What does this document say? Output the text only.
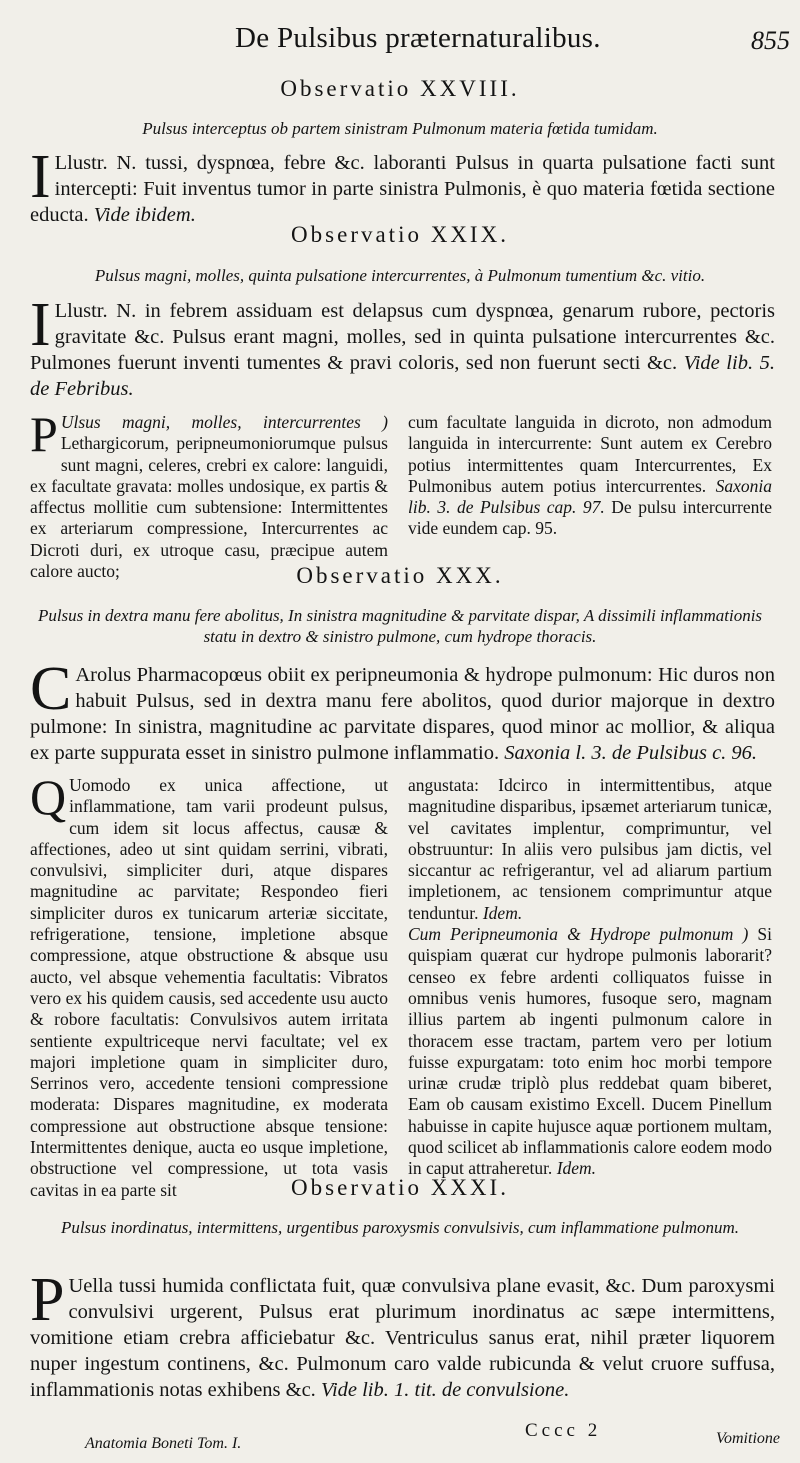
De Pulsibus præternaturalibus.	855
Observatio XXVIII.
Pulsus interceptus ob partem sinistram Pulmonum materia fœtida tumidam.
I Llustr. N. tussi, dyspnœa, febre &c. laboranti Pulsus in quarta pulsatione facti sunt intercepti: Fuit inventus tumor in parte sinistra Pulmonis, è quo materia fœtida sectione educta. Vide ibidem.
Observatio XXIX.
Pulsus magni, molles, quinta pulsatione intercurrentes, à Pulmonum tumentium &c. vitio.
I Llustr. N. in febrem assiduam est delapsus cum dyspnœa, genarum rubore, pectoris gravitate &c. Pulsus erant magni, molles, sed in quinta pulsatione intercurrentes &c. Pulmones fuerunt inventi tumentes & pravi coloris, sed non fuerunt secti &c. Vide lib. 5. de Febribus.

P Ulsus magni, molles, intercurrentes ) Lethargicorum, peripneumoniorumque pulsus sunt magni, celeres, crebri ex calore: languidi, ex facultate gravata: molles undosique, ex partis & affectus mollitie cum subtensione: Intermittentes ex arteriarum compressione, Intercurrentes ac Dicroti duri, ex utroque casu, præcipue autem calore aucto;

cum facultate languida in dicroto, non admodum languida in intercurrente: Sunt autem ex Cerebro potius intermittentes quam Intercurrentes, Ex Pulmonibus autem potius intercurrentes. Saxonia lib. 3. de Pulsibus cap. 97. De pulsu intercurrente vide eundem cap. 95.

Observatio XXX.
Pulsus in dextra manu fere abolitus, In sinistra magnitudine & parvitate dispar, A dissimili inflammationis statu in dextro & sinistro pulmone, cum hydrope thoracis.
C Arolus Pharmacopœus obiit ex peripneumonia & hydrope pulmonum: Hic duros non habuit Pulsus, sed in dextra manu fere abolitos, quod durior majorque in dextro pulmone: In sinistra, magnitudine ac parvitate dispares, quod minor ac mollior, & aliqua ex parte suppurata esset in sinistro pulmone inflammatio. Saxonia l. 3. de Pulsibus c. 96.

Q Uomodo ex unica affectione, ut inflammatione, tam varii prodeunt pulsus, cum idem sit locus affectus, causæ & affectiones, adeo ut sint quidam serrini, vibrati, convulsivi, simpliciter duri, atque dispares magnitudine ac parvitate; Respondeo fieri simpliciter duros ex tunicarum arteriæ siccitate, refrigeratione, tensione, impletione absque compressione, atque obstructione & absque usu aucto, vel absque vehementia facultatis: Vibratos vero ex his quidem causis, sed accedente usu aucto & robore facultatis: Convulsivos autem irritata sentiente expultriceque nervi facultate; vel ex majori impletione quam in simpliciter duro, Serrinos vero, accedente tensioni compressione moderata: Dispares magnitudine, ex moderata compressione aut obstructione absque tensione: Intermittentes denique, aucta eo usque impletione, obstructione vel compressione, ut tota vasis cavitas in ea parte sit

angustata: Idcirco in intermittentibus, atque magnitudine disparibus, ipsæmet arteriarum tunicæ, vel cavitates implentur, comprimuntur, vel obstruuntur: In aliis vero pulsibus jam dictis, vel siccantur ac refrigerantur, vel ad aliarum partium impletionem, ac tensionem comprimuntur atque tenduntur. Idem.

Cum Peripneumonia & Hydrope pulmonum ) Si quispiam quærat cur hydrope pulmonis laborarit? censeo ex febre ardenti colliquatos fuisse in omnibus venis humores, fusoque sero, magnam illius partem ab ingenti pulmonum calore in thoracem esse tractam, partem vero per lotium fuisse expurgatam: toto enim hoc morbi tempore urinæ crudæ triplò plus reddebat quam biberet, Eam ob causam existimo Excell. Ducem Pinellum habuisse in capite hujusce aquæ portionem multam, quod scilicet ab inflammationis calore eodem modo in caput attraheretur. Idem.

Observatio XXXI.
Pulsus inordinatus, intermittens, urgentibus paroxysmis convulsivis, cum inflammatione pulmonum.
P Uella tussi humida conflictata fuit, quæ convulsiva plane evasit, &c. Dum paroxysmi convulsivi urgerent, Pulsus erat plurimum inordinatus ac sæpe intermittens, vomitione etiam crebra afficiebatur &c. Ventriculus sanus erat, nihil præter liquorem nuper ingestum continens, &c. Pulmonum caro valde rubicunda & velut cruore suffusa, inflammationis notas exhibens &c. Vide lib. 1. tit. de convulsione.
Anatomia Boneti Tom. I.
Cccc 2	Vomitione
